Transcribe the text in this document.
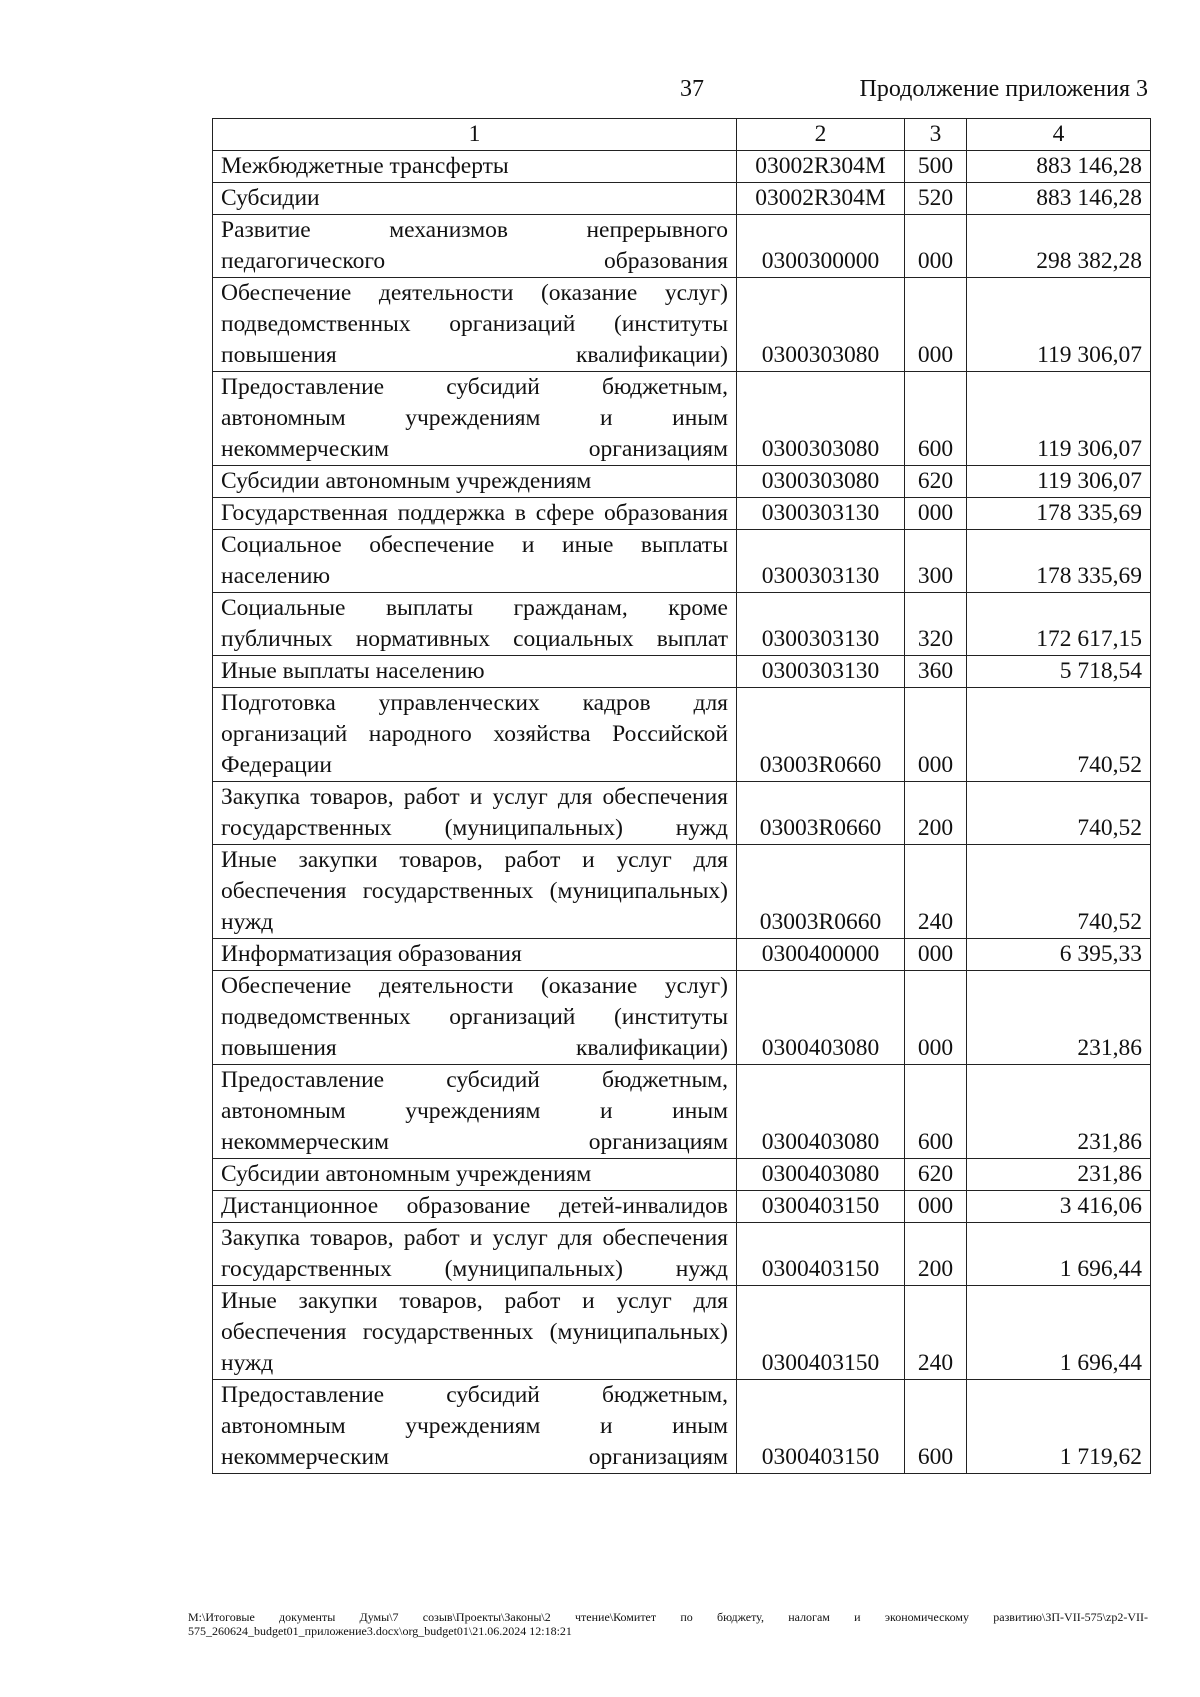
37	Продолжение приложения 3
1	2	3	4
Межбюджетные трансферты	03002R304M	500	883 146,28
Субсидии	03002R304M	520	883 146,28
Развитие механизмов непрерывного педагогического образования	0300300000	000	298 382,28
Обеспечение деятельности (оказание услуг) подведомственных организаций (институты повышения квалификации)	0300303080	000	119 306,07
Предоставление субсидий бюджетным, автономным учреждениям и иным некоммерческим организациям	0300303080	600	119 306,07
Субсидии автономным учреждениям	0300303080	620	119 306,07
Государственная поддержка в сфере образования	0300303130	000	178 335,69
Социальное обеспечение и иные выплаты населению	0300303130	300	178 335,69
Социальные выплаты гражданам, кроме публичных нормативных социальных выплат	0300303130	320	172 617,15
Иные выплаты населению	0300303130	360	5 718,54
Подготовка управленческих кадров для организаций народного хозяйства Российской Федерации	03003R0660	000	740,52
Закупка товаров, работ и услуг для обеспечения государственных (муниципальных) нужд	03003R0660	200	740,52
Иные закупки товаров, работ и услуг для обеспечения государственных (муниципальных) нужд	03003R0660	240	740,52
Информатизация образования	0300400000	000	6 395,33
Обеспечение деятельности (оказание услуг) подведомственных организаций (институты повышения квалификации)	0300403080	000	231,86
Предоставление субсидий бюджетным, автономным учреждениям и иным некоммерческим организациям	0300403080	600	231,86
Субсидии автономным учреждениям	0300403080	620	231,86
Дистанционное образование детей-инвалидов	0300403150	000	3 416,06
Закупка товаров, работ и услуг для обеспечения государственных (муниципальных) нужд	0300403150	200	1 696,44
Иные закупки товаров, работ и услуг для обеспечения государственных (муниципальных) нужд	0300403150	240	1 696,44
Предоставление субсидий бюджетным, автономным учреждениям и иным некоммерческим организациям	0300403150	600	1 719,62
M:\Итоговые документы Думы\7 созыв\Проекты\Законы\2 чтение\Комитет по бюджету, налогам и экономическому развитию\ЗП-VII-575\zp2-VII-575_260624_budget01_приложение3.docx\org_budget01\21.06.2024 12:18:21
